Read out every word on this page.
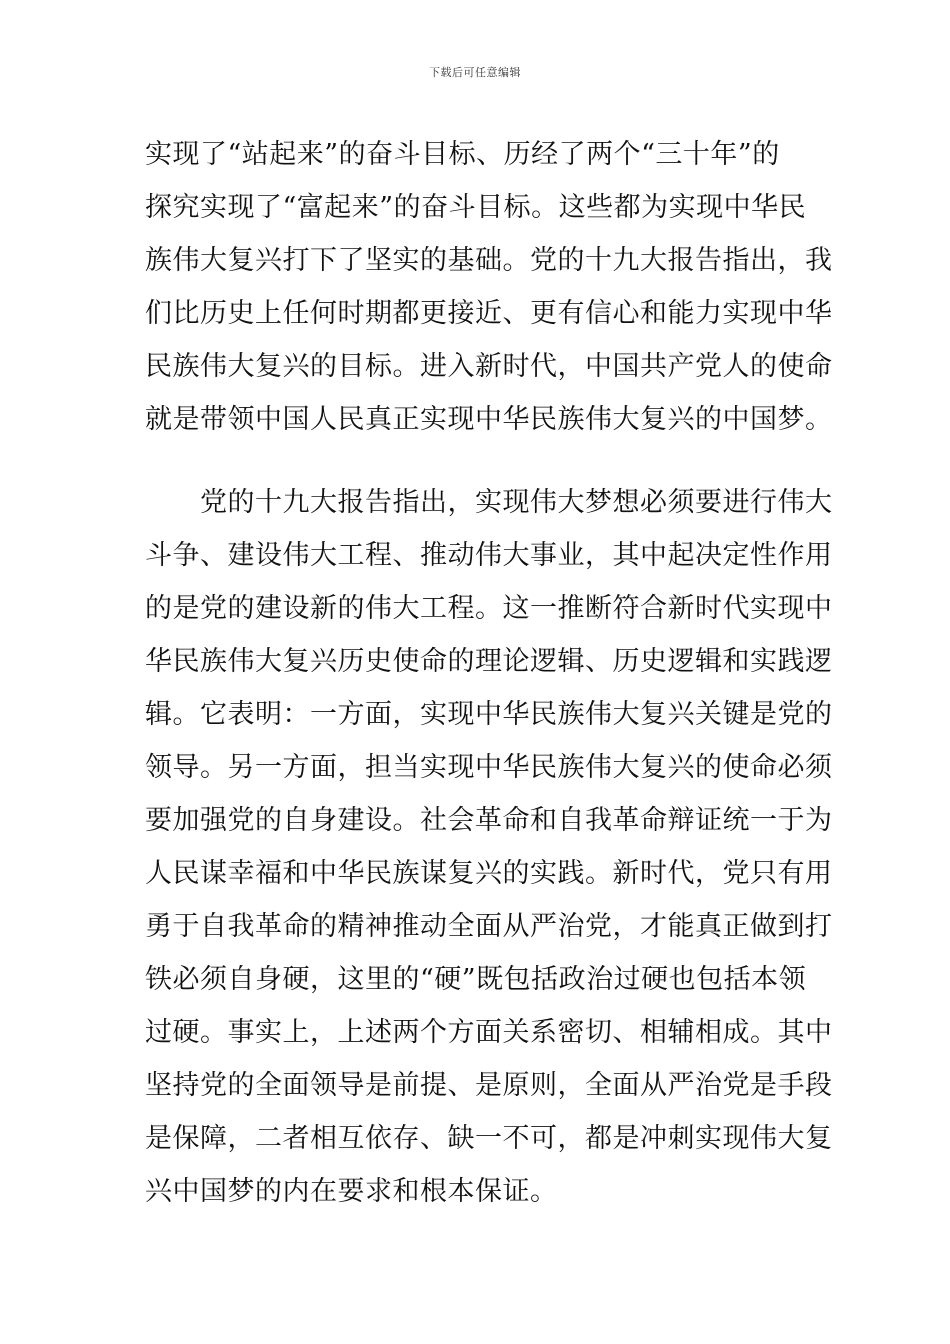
下载后可任意编辑
实现了“站起来”的奋斗目标、历经了两个“三十年”的
探究实现了“富起来”的奋斗目标。这些都为实现中华民
族伟大复兴打下了坚实的基础。党的十九大报告指出，我
们比历史上任何时期都更接近、更有信心和能力实现中华
民族伟大复兴的目标。进入新时代，中国共产党人的使命
就是带领中国人民真正实现中华民族伟大复兴的中国梦。
　　党的十九大报告指出，实现伟大梦想必须要进行伟大
斗争、建设伟大工程、推动伟大事业，其中起决定性作用
的是党的建设新的伟大工程。这一推断符合新时代实现中
华民族伟大复兴历史使命的理论逻辑、历史逻辑和实践逻
辑。它表明：一方面，实现中华民族伟大复兴关键是党的
领导。另一方面，担当实现中华民族伟大复兴的使命必须
要加强党的自身建设。社会革命和自我革命辩证统一于为
人民谋幸福和中华民族谋复兴的实践。新时代，党只有用
勇于自我革命的精神推动全面从严治党，才能真正做到打
铁必须自身硬，这里的“硬”既包括政治过硬也包括本领
过硬。事实上，上述两个方面关系密切、相辅相成。其中
坚持党的全面领导是前提、是原则，全面从严治党是手段
是保障，二者相互依存、缺一不可，都是冲刺实现伟大复
兴中国梦的内在要求和根本保证。
